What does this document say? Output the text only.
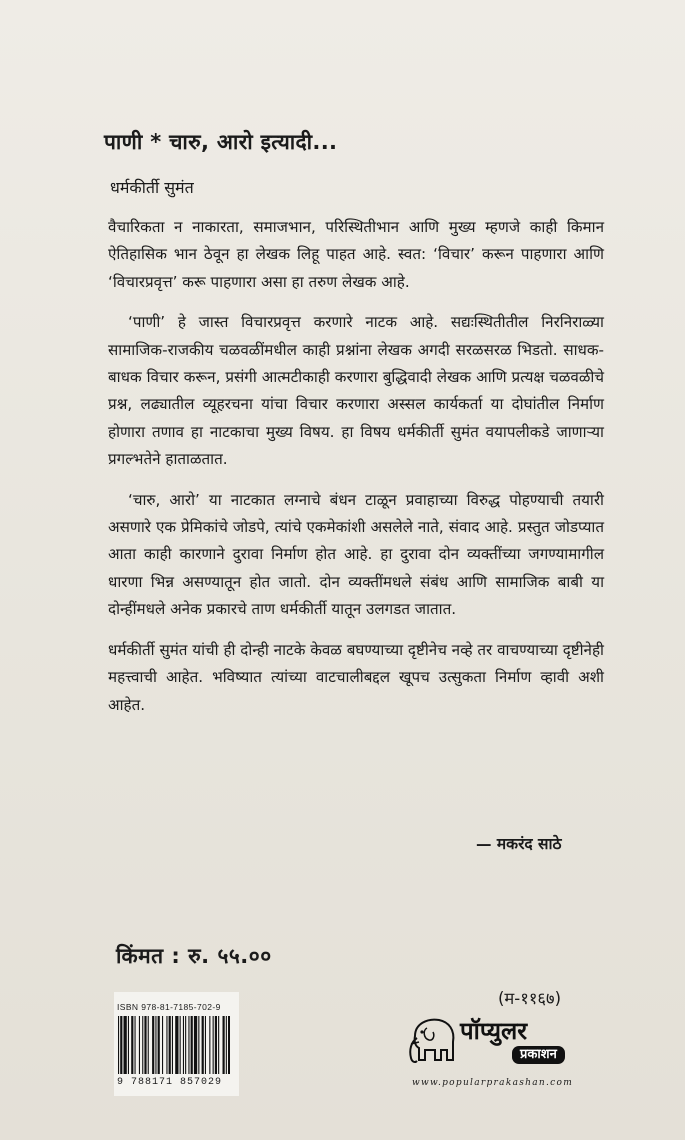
पाणी * चारु, आरो इत्यादी...
धर्मकीर्ती सुमंत

वैचारिकता न नाकारता, समाजभान, परिस्थितीभान आणि मुख्य म्हणजे काही किमान ऐतिहासिक भान ठेवून हा लेखक लिहू पाहत आहे. स्वत: ‘विचार’ करून पाहणारा आणि ‘विचारप्रवृत्त’ करू पाहणारा असा हा तरुण लेखक आहे.

‘पाणी’ हे जास्त विचारप्रवृत्त करणारे नाटक आहे. सद्यःस्थितीतील निरनिराळ्या सामाजिक-राजकीय चळवळींमधील काही प्रश्नांना लेखक अगदी सरळसरळ भिडतो. साधक-बाधक विचार करून, प्रसंगी आत्मटीकाही करणारा बुद्धिवादी लेखक आणि प्रत्यक्ष चळवळीचे प्रश्न, लढ्यातील व्यूहरचना यांचा विचार करणारा अस्सल कार्यकर्ता या दोघांतील निर्माण होणारा तणाव हा नाटकाचा मुख्य विषय. हा विषय धर्मकीर्ती सुमंत वयापलीकडे जाणाऱ्या प्रगल्भतेने हाताळतात.

‘चारु, आरो’ या नाटकात लग्नाचे बंधन टाळून प्रवाहाच्या विरुद्ध पोहण्याची तयारी असणारे एक प्रेमिकांचे जोडपे, त्यांचे एकमेकांशी असलेले नाते, संवाद आहे. प्रस्तुत जोडप्यात आता काही कारणाने दुरावा निर्माण होत आहे. हा दुरावा दोन व्यक्तींच्या जगण्यामागील धारणा भिन्न असण्यातून होत जातो. दोन व्यक्तींमधले संबंध आणि सामाजिक बाबी या दोन्हींमधले अनेक प्रकारचे ताण धर्मकीर्ती यातून उलगडत जातात.

धर्मकीर्ती सुमंत यांची ही दोन्ही नाटके केवळ बघण्याच्या दृष्टीनेच नव्हे तर वाचण्याच्या दृष्टीनेही महत्त्वाची आहेत. भविष्यात त्यांच्या वाटचालीबद्दल खूपच उत्सुकता निर्माण व्हावी अशी आहेत.

— मकरंद साठे
किंमत : रु. ५५.००
(म-११६७)
ISBN 978-81-7185-702-9
9 788171 857029
पॉप्युलर
प्रकाशन
www.popularprakashan.com
